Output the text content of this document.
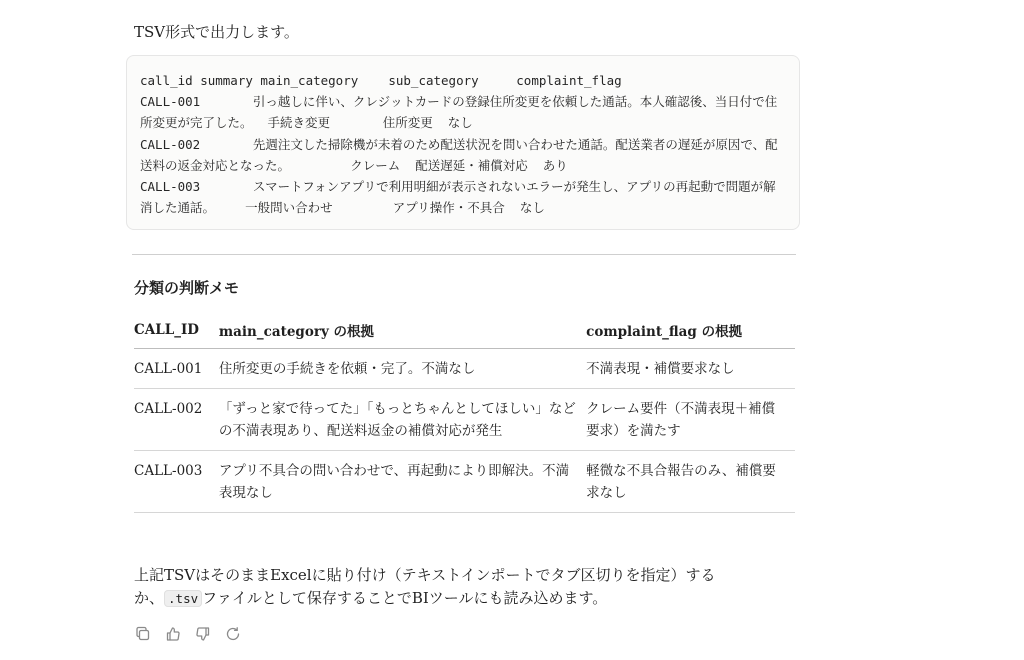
TSV形式で出力します。
call_id summary main_category    sub_category     complaint_flag
CALL-001       引っ越しに伴い、クレジットカードの登録住所変更を依頼した通話。本人確認後、当日付で住所変更が完了した。  手続き変更       住所変更  なし
CALL-002       先週注文した掃除機が未着のため配送状況を問い合わせた通話。配送業者の遅延が原因で、配送料の返金対応となった。        クレーム  配送遅延・補償対応  あり
CALL-003       スマートフォンアプリで利用明細が表示されないエラーが発生し、アプリの再起動で問題が解消した通話。    一般問い合わせ        アプリ操作・不具合  なし
分類の判断メモ
CALL_ID	main_category の根拠	complaint_flag の根拠
CALL-001	住所変更の手続きを依頼・完了。不満なし	不満表現・補償要求なし
CALL-002	「ずっと家で待ってた」「もっとちゃんとしてほしい」などの不満表現あり、配送料返金の補償対応が発生	クレーム要件（不満表現＋補償要求）を満たす
CALL-003	アプリ不具合の問い合わせで、再起動により即解決。不満表現なし	軽微な不具合報告のみ、補償要求なし
上記TSVはそのままExcelに貼り付け（テキストインポートでタブ区切りを指定）するか、 .tsv ファイルとして保存することでBIツールにも読み込めます。
